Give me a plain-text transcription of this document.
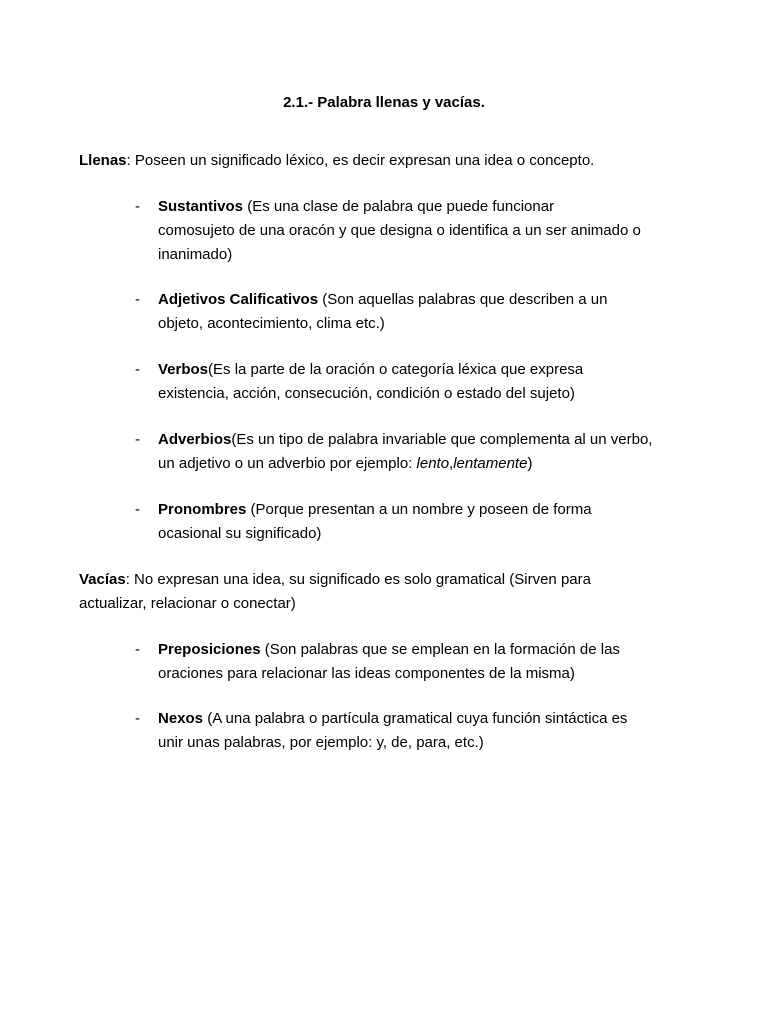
2.1.- Palabra llenas y vacías.
Llenas: Poseen un significado léxico, es decir expresan una idea o concepto.
- Sustantivos (Es una clase de palabra que puede funcionar
comosujeto de una oracón y que designa o identifica a un ser animado o
inanimado)
- Adjetivos Calificativos (Son aquellas palabras que describen a un
objeto, acontecimiento, clima etc.)
- Verbos(Es la parte de la oración o categoría léxica que expresa
existencia, acción, consecución, condición o estado del sujeto)
- Adverbios(Es un tipo de palabra invariable que complementa al un verbo,
un adjetivo o un adverbio por ejemplo: lento,lentamente)
- Pronombres (Porque presentan a un nombre y poseen de forma
ocasional su significado)
Vacías: No expresan una idea, su significado es solo gramatical (Sirven para
actualizar, relacionar o conectar)
- Preposiciones (Son palabras que se emplean en la formación de las
oraciones para relacionar las ideas componentes de la misma)
- Nexos (A una palabra o partícula gramatical cuya función sintáctica es
unir unas palabras, por ejemplo: y, de, para, etc.)
